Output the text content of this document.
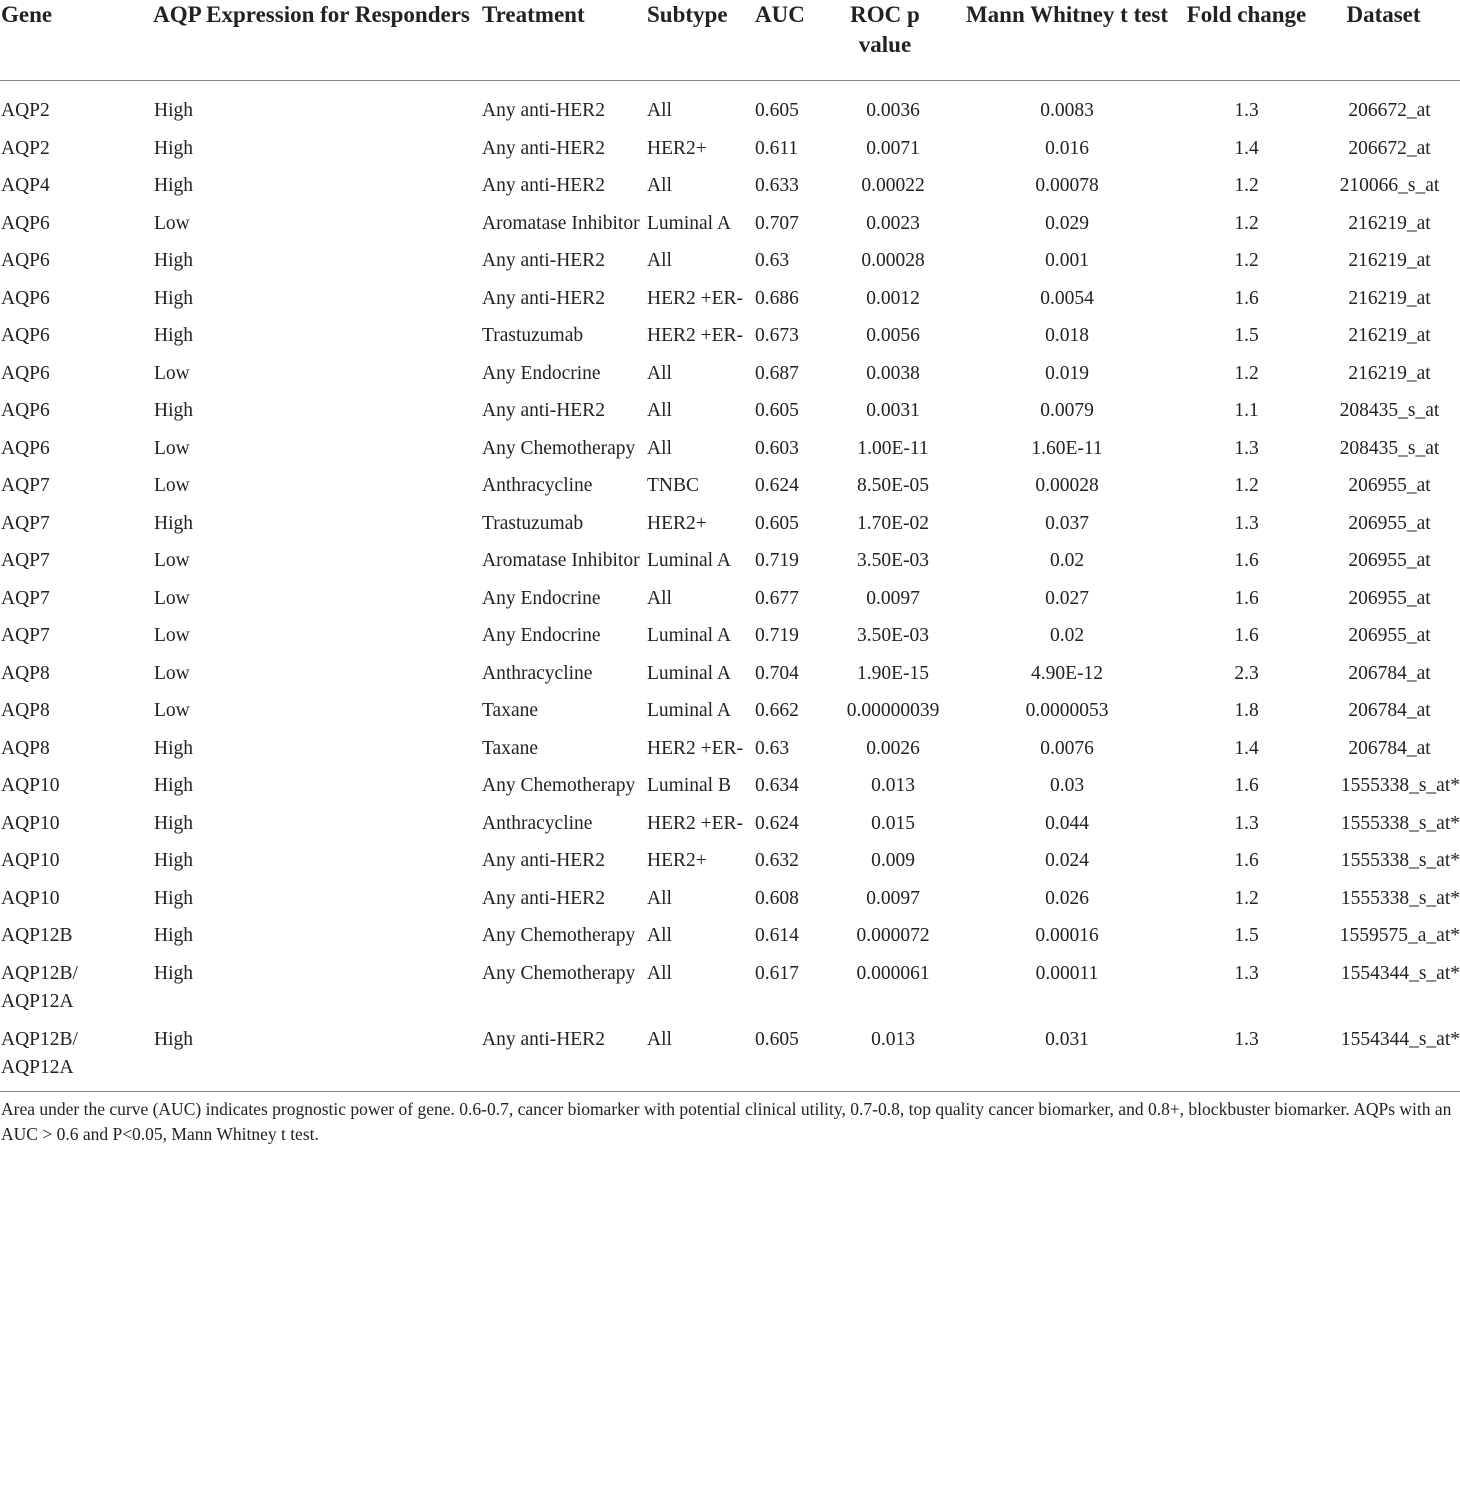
Gene	AQP Expression for Responders	Treatment	Subtype	AUC	ROC p value	Mann Whitney t test	Fold change	Dataset
AQP2	High	Any anti-HER2	All	0.605	0.0036	0.0083	1.3	206672_at
AQP2	High	Any anti-HER2	HER2+	0.611	0.0071	0.016	1.4	206672_at
AQP4	High	Any anti-HER2	All	0.633	0.00022	0.00078	1.2	210066_s_at
AQP6	Low	Aromatase Inhibitor	Luminal A	0.707	0.0023	0.029	1.2	216219_at
AQP6	High	Any anti-HER2	All	0.63	0.00028	0.001	1.2	216219_at
AQP6	High	Any anti-HER2	HER2 +ER-	0.686	0.0012	0.0054	1.6	216219_at
AQP6	High	Trastuzumab	HER2 +ER-	0.673	0.0056	0.018	1.5	216219_at
AQP6	Low	Any Endocrine	All	0.687	0.0038	0.019	1.2	216219_at
AQP6	High	Any anti-HER2	All	0.605	0.0031	0.0079	1.1	208435_s_at
AQP6	Low	Any Chemotherapy	All	0.603	1.00E-11	1.60E-11	1.3	208435_s_at
AQP7	Low	Anthracycline	TNBC	0.624	8.50E-05	0.00028	1.2	206955_at
AQP7	High	Trastuzumab	HER2+	0.605	1.70E-02	0.037	1.3	206955_at
AQP7	Low	Aromatase Inhibitor	Luminal A	0.719	3.50E-03	0.02	1.6	206955_at
AQP7	Low	Any Endocrine	All	0.677	0.0097	0.027	1.6	206955_at
AQP7	Low	Any Endocrine	Luminal A	0.719	3.50E-03	0.02	1.6	206955_at
AQP8	Low	Anthracycline	Luminal A	0.704	1.90E-15	4.90E-12	2.3	206784_at
AQP8	Low	Taxane	Luminal A	0.662	0.00000039	0.0000053	1.8	206784_at
AQP8	High	Taxane	HER2 +ER-	0.63	0.0026	0.0076	1.4	206784_at
AQP10	High	Any Chemotherapy	Luminal B	0.634	0.013	0.03	1.6	1555338_s_at*
AQP10	High	Anthracycline	HER2 +ER-	0.624	0.015	0.044	1.3	1555338_s_at*
AQP10	High	Any anti-HER2	HER2+	0.632	0.009	0.024	1.6	1555338_s_at*
AQP10	High	Any anti-HER2	All	0.608	0.0097	0.026	1.2	1555338_s_at*
AQP12B	High	Any Chemotherapy	All	0.614	0.000072	0.00016	1.5	1559575_a_at*
AQP12B/ AQP12A	High	Any Chemotherapy	All	0.617	0.000061	0.00011	1.3	1554344_s_at*
AQP12B/ AQP12A	High	Any anti-HER2	All	0.605	0.013	0.031	1.3	1554344_s_at*

Area under the curve (AUC) indicates prognostic power of gene. 0.6-0.7, cancer biomarker with potential clinical utility, 0.7-0.8, top quality cancer biomarker, and 0.8+, blockbuster biomarker. AQPs with an AUC > 0.6 and P<0.05, Mann Whitney t test.
